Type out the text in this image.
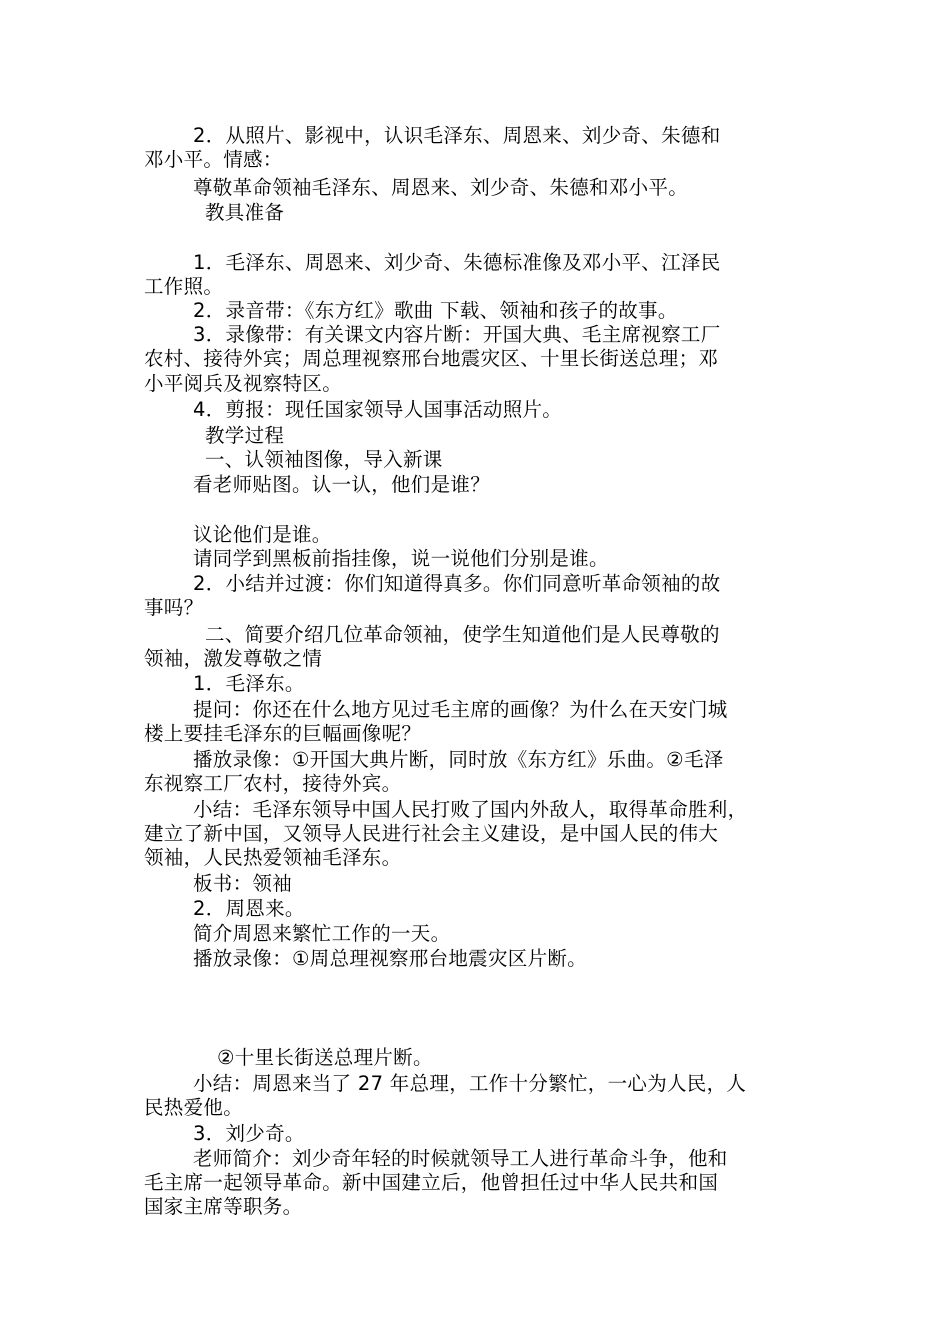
2．从照片、影视中，认识毛泽东、周恩来、刘少奇、朱德和
邓小平。情感：
尊敬革命领袖毛泽东、周恩来、刘少奇、朱德和邓小平。
教具准备
1．毛泽东、周恩来、刘少奇、朱德标准像及邓小平、江泽民
工作照。
2．录音带：《东方红》歌曲 下载、领袖和孩子的故事。
3．录像带：有关课文内容片断：开国大典、毛主席视察工厂
农村、接待外宾；周总理视察邢台地震灾区、十里长街送总理；邓
小平阅兵及视察特区。
4．剪报：现任国家领导人国事活动照片。
教学过程
一、认领袖图像，导入新课
看老师贴图。认一认，他们是谁？
议论他们是谁。
请同学到黑板前指挂像，说一说他们分别是谁。
2．小结并过渡：你们知道得真多。你们同意听革命领袖的故
事吗？
二、简要介绍几位革命领袖，使学生知道他们是人民尊敬的
领袖，激发尊敬之情
1．毛泽东。
提问：你还在什么地方见过毛主席的画像？为什么在天安门城
楼上要挂毛泽东的巨幅画像呢？
播放录像：①开国大典片断，同时放《东方红》乐曲。②毛泽
东视察工厂农村，接待外宾。
小结：毛泽东领导中国人民打败了国内外敌人，取得革命胜利，
建立了新中国，又领导人民进行社会主义建设，是中国人民的伟大
领袖，人民热爱领袖毛泽东。
板书：领袖
2．周恩来。
简介周恩来繁忙工作的一天。
播放录像：①周总理视察邢台地震灾区片断。
②十里长街送总理片断。
小结：周恩来当了 27 年总理，工作十分繁忙，一心为人民，人
民热爱他。
3．刘少奇。
老师简介：刘少奇年轻的时候就领导工人进行革命斗争，他和
毛主席一起领导革命。新中国建立后，他曾担任过中华人民共和国
国家主席等职务。
